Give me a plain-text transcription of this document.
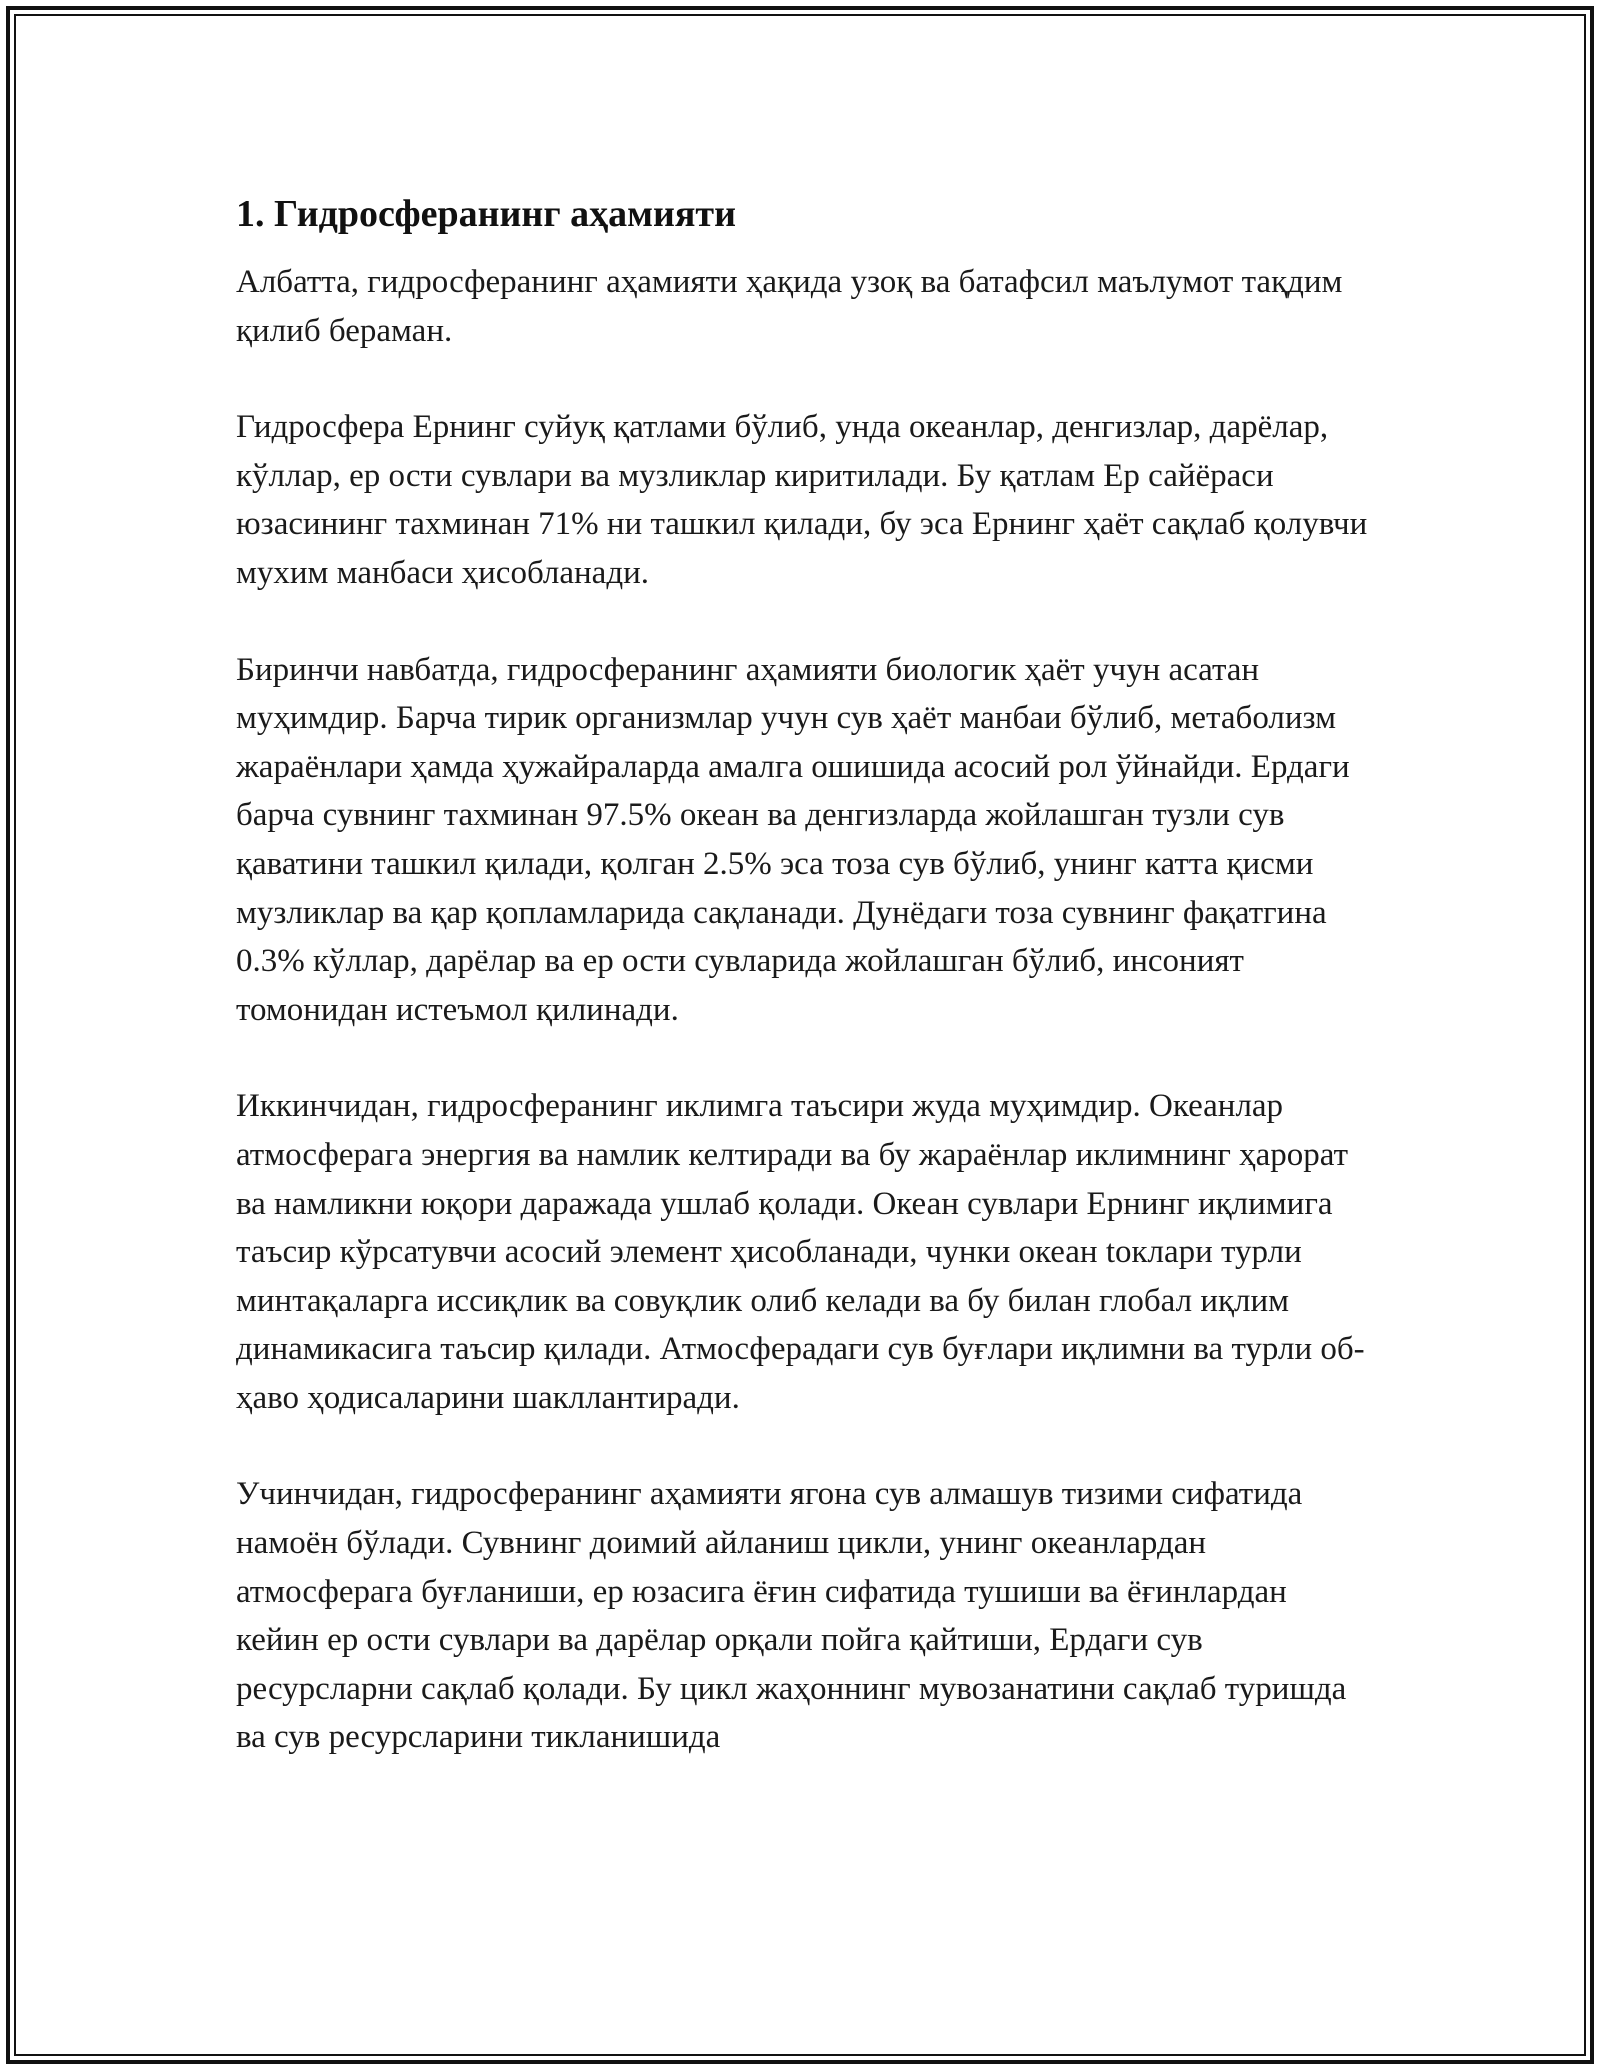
1. Гидросферанинг аҳамияти

Албатта, гидросферанинг аҳамияти ҳақида узоқ ва батафсил маълумот тақдим қилиб бераман.

Гидросфера Ернинг суйуқ қатлами бўлиб, унда океанлар, денгизлар, дарёлар, кўллар, ер ости сувлари ва музликлар киритилади. Бу қатлам Ер сайёраси юзасининг тахминан 71% ни ташкил қилади, бу эса Ернинг ҳаёт сақлаб қолувчи мухим манбаси ҳисобланади.

Биринчи навбатда, гидросферанинг аҳамияти биологик ҳаёт учун асатан муҳимдир. Барча тирик организмлар учун сув ҳаёт манбаи бўлиб, метаболизм жараёнлари ҳамда ҳужайраларда амалга ошишида асосий рол ўйнайди. Ердаги барча сувнинг тахминан 97.5% океан ва денгизларда жойлашган тузли сув қаватини ташкил қилади, қолган 2.5% эса тоза сув бўлиб, унинг катта қисми музликлар ва қар қопламларида сақланади. Дунёдаги тоза сувнинг фақатгина 0.3% кўллар, дарёлар ва ер ости сувларида жойлашган бўлиб, инсоният томонидан истеъмол қилинади.

Иккинчидан, гидросферанинг иклимга таъсири жуда муҳимдир. Океанлар атмосферага энергия ва намлик келтиради ва бу жараёнлар иклимнинг ҳарорат ва намликни юқори даражада ушлаб қолади. Океан сувлари Ернинг иқлимига таъсир кўрсатувчи асосий элемент ҳисобланади, чунки океан toклари турли минтақаларга иссиқлик ва совуқлик олиб келади ва бу билан глобал иқлим динамикасига таъсир қилади. Атмосферадаги сув буғлари иқлимни ва турли об-ҳаво ҳодисаларини шакллантиради.

Учинчидан, гидросферанинг аҳамияти ягона сув алмашув тизими сифатида намоён бўлади. Сувнинг доимий айланиш цикли, унинг океанлардан атмосферага буғланиши, ер юзасига ёғин сифатида тушиши ва ёғинлардан кейин ер ости сувлари ва дарёлар орқали пойга қайтиши, Ердаги сув ресурсларни сақлаб қолади. Бу цикл жаҳоннинг мувозанатини сақлаб туришда ва сув ресурсларини тикланишида
